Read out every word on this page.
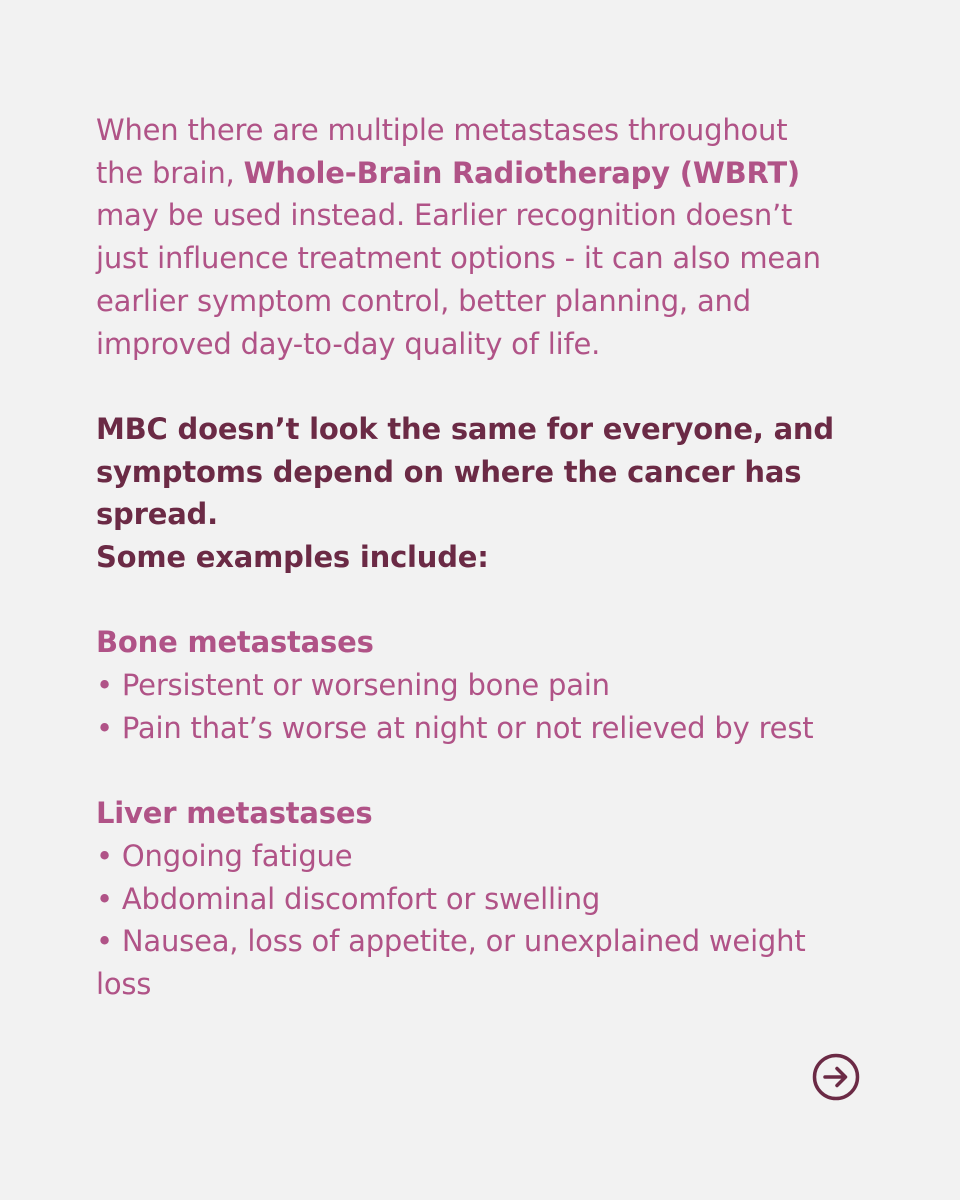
When there are multiple metastases throughout the brain, Whole-Brain Radiotherapy (WBRT) may be used instead. Earlier recognition doesn’t just influence treatment options - it can also mean earlier symptom control, better planning, and improved day-to-day quality of life.

MBC doesn’t look the same for everyone, and symptoms depend on where the cancer has spread.

Some examples include:

Bone metastases

• Persistent or worsening bone pain

• Pain that’s worse at night or not relieved by rest

Liver metastases

• Ongoing fatigue

• Abdominal discomfort or swelling

• Nausea, loss of appetite, or unexplained weight loss
